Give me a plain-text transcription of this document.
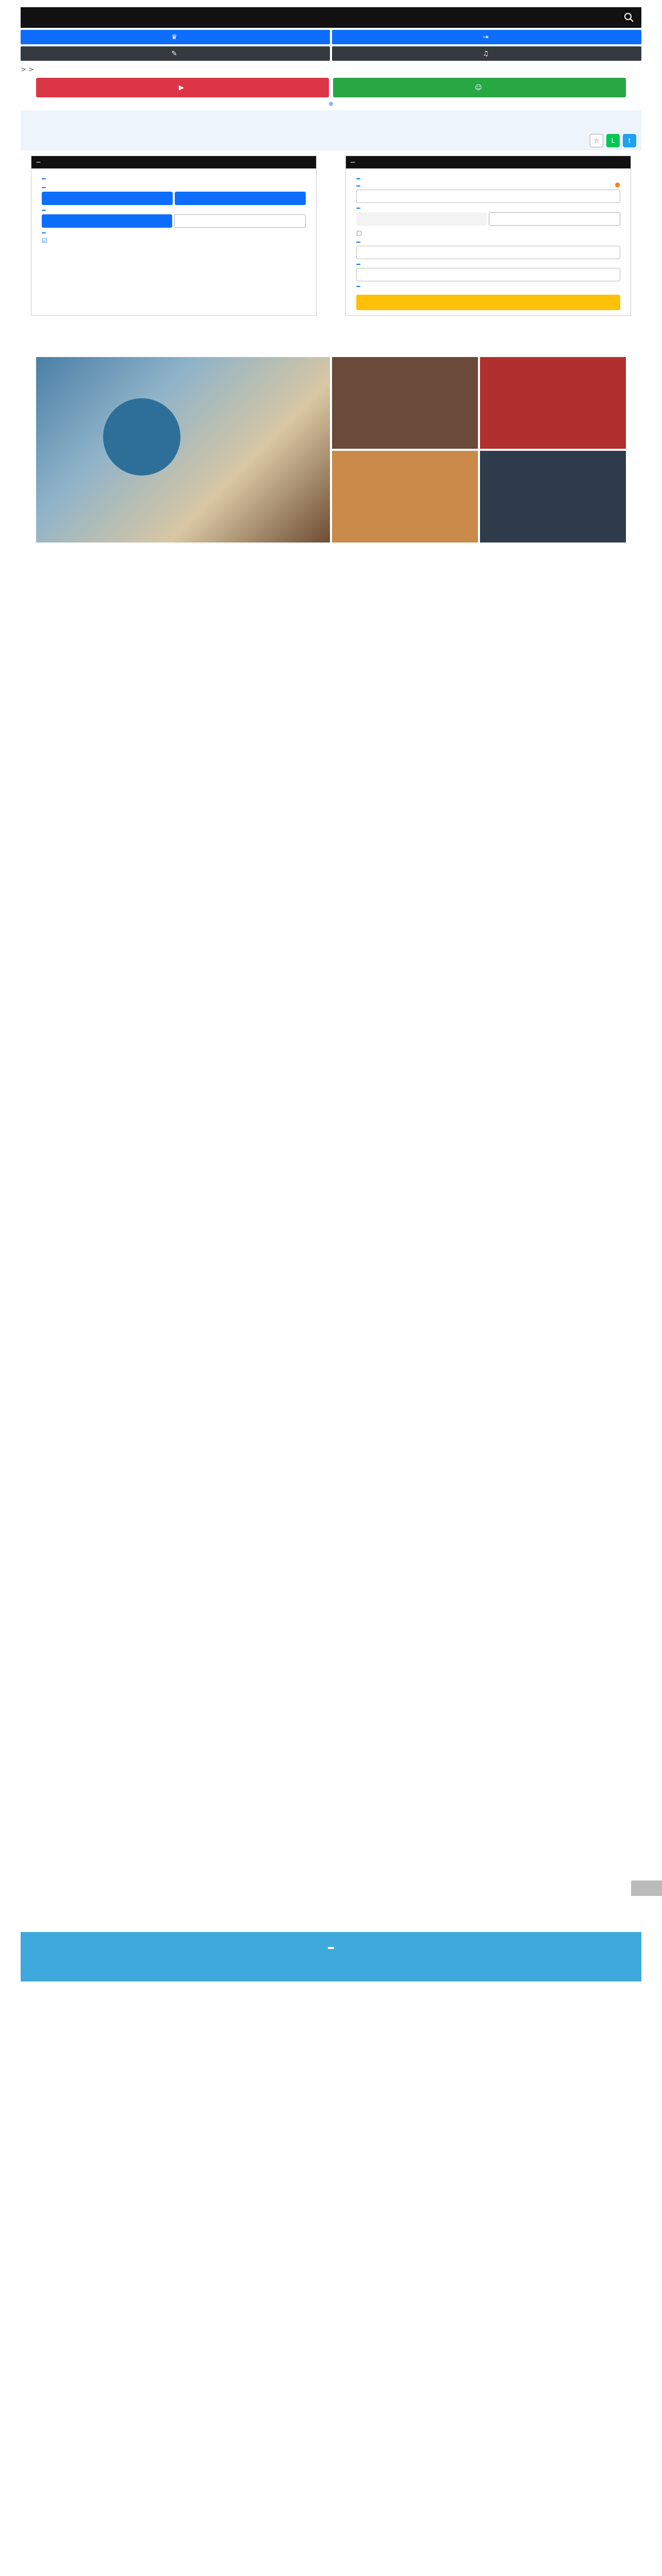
♛	⇥
✎	♫
> >
▶	☺
⊕
☆	L	t
−
☑
−
●
☐
